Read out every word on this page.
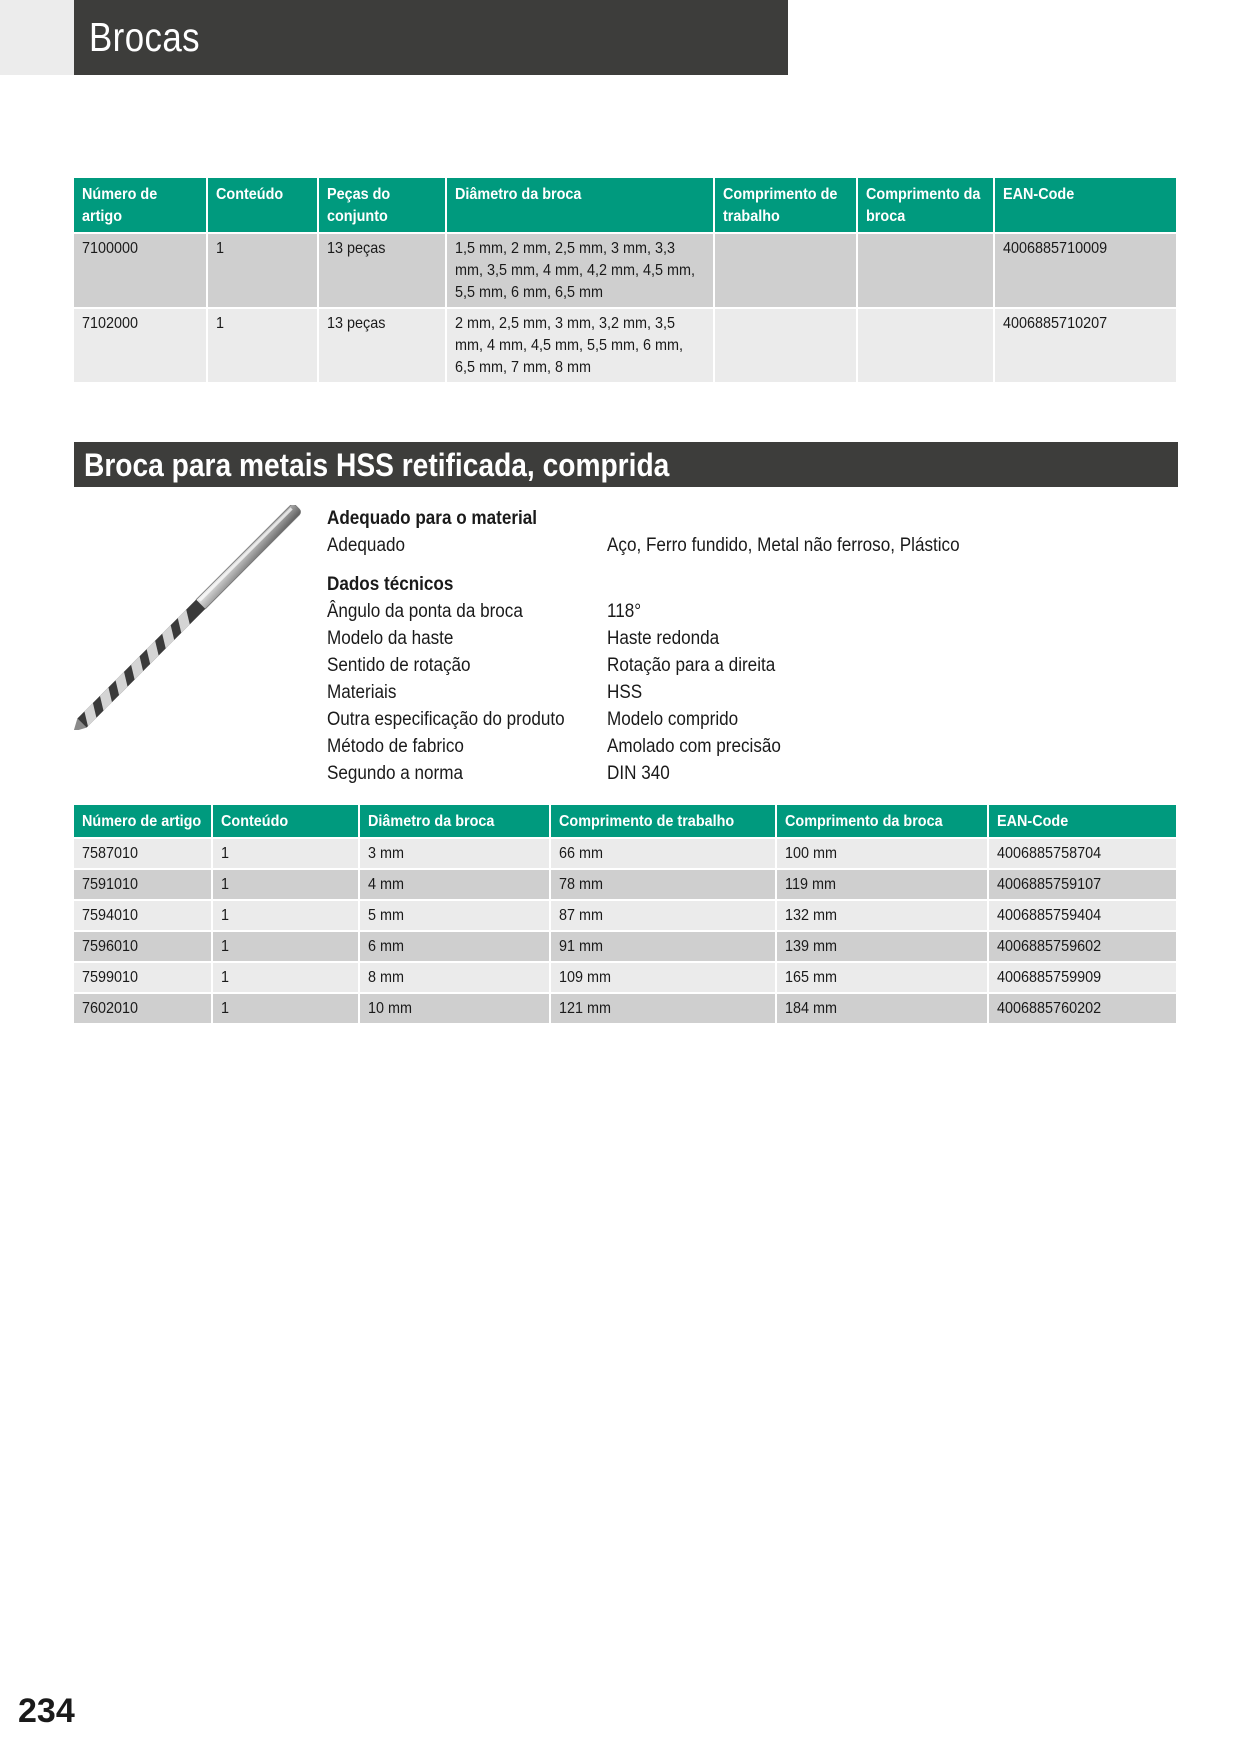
Brocas
Número de artigo	Conteúdo	Peças do conjunto	Diâmetro da broca	Comprimento de trabalho	Comprimento da broca	EAN-Code

7100000	1	13 peças	1,5 mm, 2 mm, 2,5 mm, 3 mm, 3,3 mm, 3,5 mm, 4 mm, 4,2 mm, 4,5 mm, 5,5 mm, 6 mm, 6,5 mm			4006885710009
7102000	1	13 peças	2 mm, 2,5 mm, 3 mm, 3,2 mm, 3,5 mm, 4 mm, 4,5 mm, 5,5 mm, 6 mm, 6,5 mm, 7 mm, 8 mm			4006885710207
Broca para metais HSS retificada, comprida
Adequado para o material
Adequado	Aço, Ferro fundido, Metal não ferroso, Plástico
Dados técnicos
Ângulo da ponta da broca	118°
Modelo da haste	Haste redonda
Sentido de rotação	Rotação para a direita
Materiais	HSS
Outra especificação do produto	Modelo comprido
Método de fabrico	Amolado com precisão
Segundo a norma	DIN 340
Número de artigo	Conteúdo	Diâmetro da broca	Comprimento de trabalho	Comprimento da broca	EAN-Code

7587010	1	3 mm	66 mm	100 mm	4006885758704
7591010	1	4 mm	78 mm	119 mm	4006885759107
7594010	1	5 mm	87 mm	132 mm	4006885759404
7596010	1	6 mm	91 mm	139 mm	4006885759602
7599010	1	8 mm	109 mm	165 mm	4006885759909
7602010	1	10 mm	121 mm	184 mm	4006885760202
234
